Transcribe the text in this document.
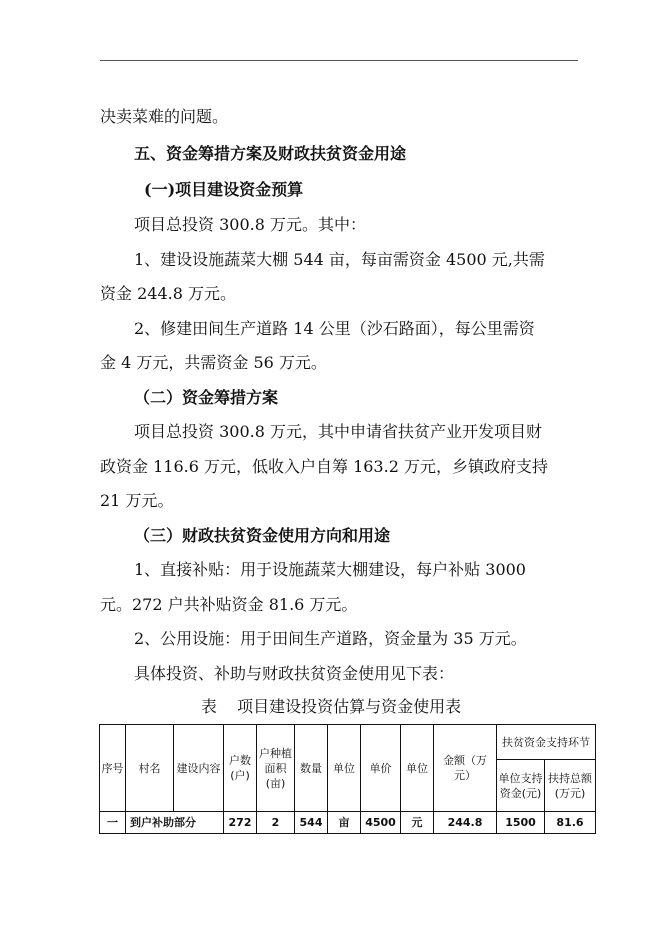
决卖菜难的问题。
五、资金筹措方案及财政扶贫资金用途
(一)项目建设资金预算
项目总投资 300.8 万元。其中：
1、建设设施蔬菜大棚 544 亩，每亩需资金 4500 元,共需
资金 244.8 万元。
2、修建田间生产道路 14 公里（沙石路面），每公里需资
金 4 万元，共需资金 56 万元。
（二）资金筹措方案
项目总投资 300.8 万元，其中申请省扶贫产业开发项目财
政资金 116.6 万元，低收入户自筹 163.2 万元，乡镇政府支持
21 万元。
（三）财政扶贫资金使用方向和用途
1、直接补贴：用于设施蔬菜大棚建设，每户补贴 3000
元。272 户共补贴资金 81.6 万元。
2、公用设施：用于田间生产道路，资金量为 35 万元。
具体投资、补助与财政扶贫资金使用见下表：
表    项目建设投资估算与资金使用表
序号	村名	建设内容	户数(户)	户种植面积(亩)	数量	单位	单价	单位	金额（万元）	扶贫资金支持环节	
										单位支持资金(元)	扶持总额(万元)
一	到户补助部分		272	2	544	亩	4500	元	244.8	1500	81.6
